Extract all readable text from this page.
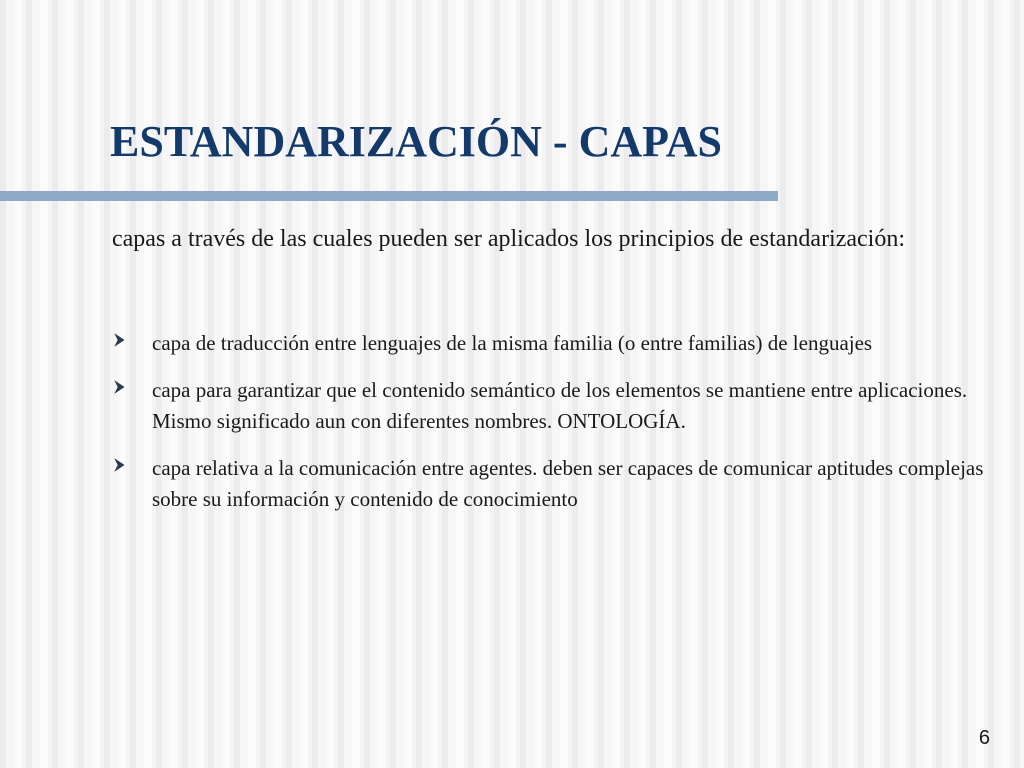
ESTANDARIZACIÓN - CAPAS

capas a través de las cuales pueden ser aplicados los principios de estandarización:

capa de traducción entre lenguajes de la misma familia (o entre familias) de lenguajes
capa para garantizar que el contenido semántico de los elementos se mantiene entre aplicaciones. Mismo significado aun con diferentes nombres. ONTOLOGÍA.
capa relativa a la comunicación entre agentes. deben ser capaces de comunicar aptitudes complejas sobre su información y contenido de conocimiento
6
